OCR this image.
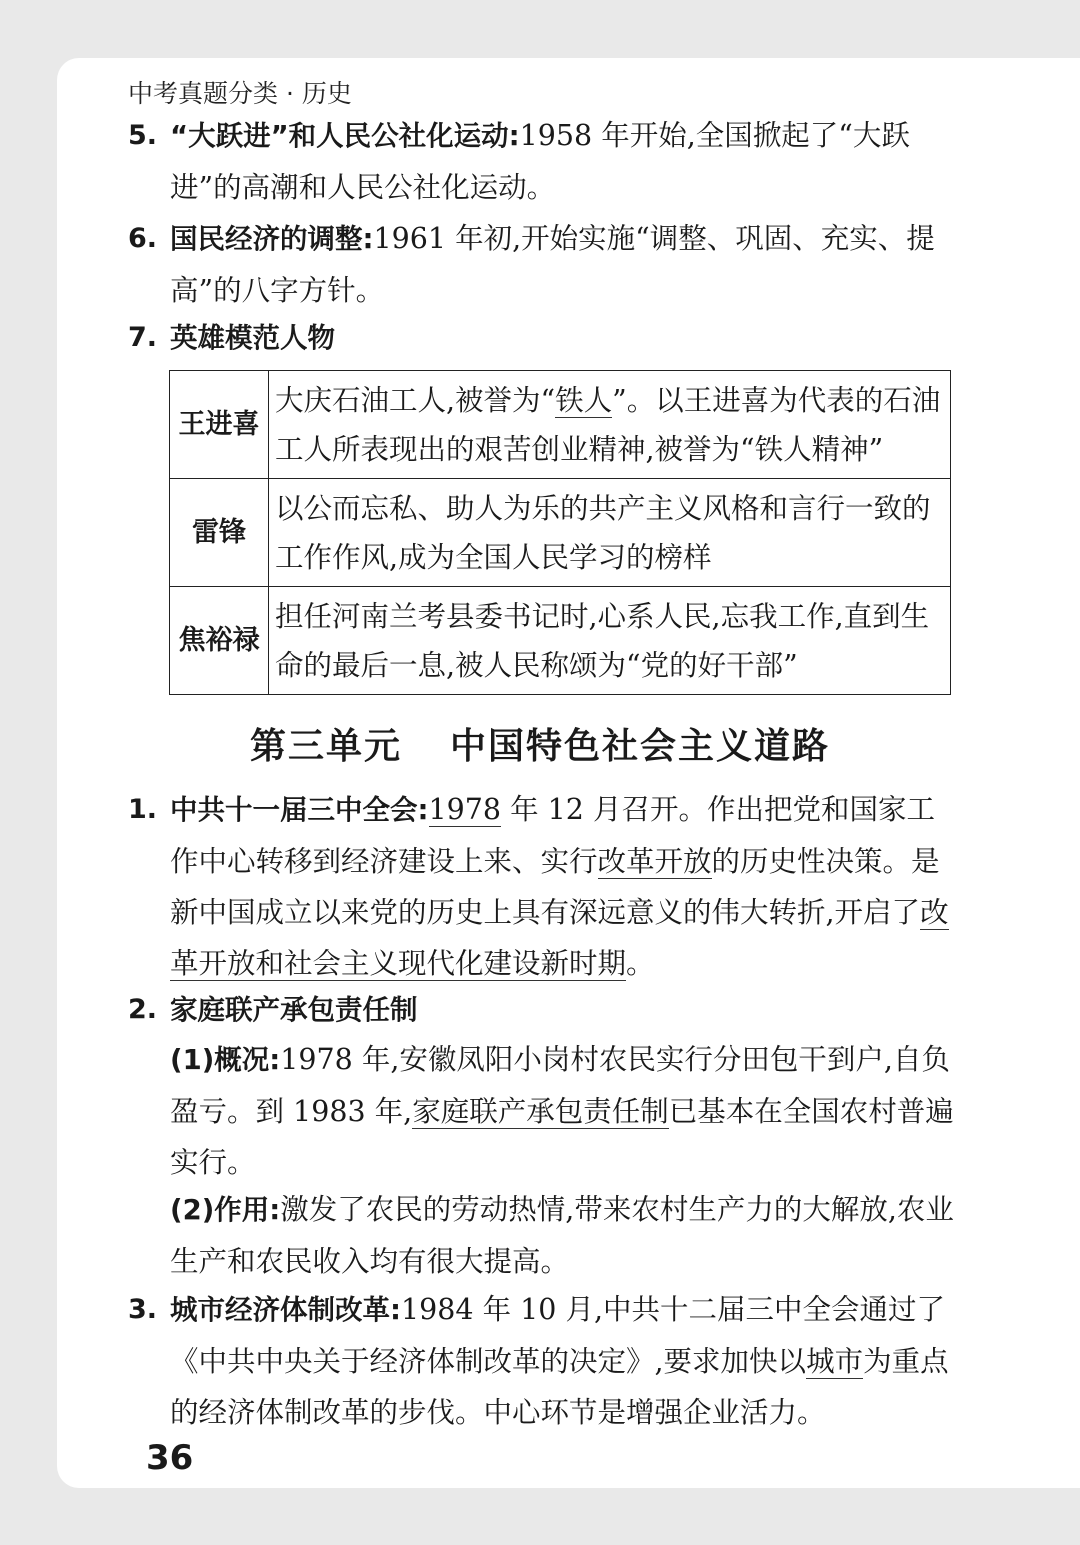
中考真题分类 · 历史
5. “大跃进”和人民公社化运动:1958 年开始,全国掀起了“大跃进”的高潮和人民公社化运动。
6. 国民经济的调整:1961 年初,开始实施“调整、巩固、充实、提高”的八字方针。
7. 英雄模范人物
王进喜	大庆石油工人,被誉为“铁人”。以王进喜为代表的石油工人所表现出的艰苦创业精神,被誉为“铁人精神”
雷锋	以公而忘私、助人为乐的共产主义风格和言行一致的工作作风,成为全国人民学习的榜样
焦裕禄	担任河南兰考县委书记时,心系人民,忘我工作,直到生命的最后一息,被人民称颂为“党的好干部”
第三单元 中国特色社会主义道路
1. 中共十一届三中全会:1978 年 12 月召开。作出把党和国家工作中心转移到经济建设上来、实行改革开放的历史性决策。是新中国成立以来党的历史上具有深远意义的伟大转折,开启了改革开放和社会主义现代化建设新时期。
2. 家庭联产承包责任制
(1)概况:1978 年,安徽凤阳小岗村农民实行分田包干到户,自负盈亏。到 1983 年,家庭联产承包责任制已基本在全国农村普遍实行。
(2)作用:激发了农民的劳动热情,带来农村生产力的大解放,农业生产和农民收入均有很大提高。
3. 城市经济体制改革:1984 年 10 月,中共十二届三中全会通过了《中共中央关于经济体制改革的决定》,要求加快以城市为重点的经济体制改革的步伐。中心环节是增强企业活力。
36
